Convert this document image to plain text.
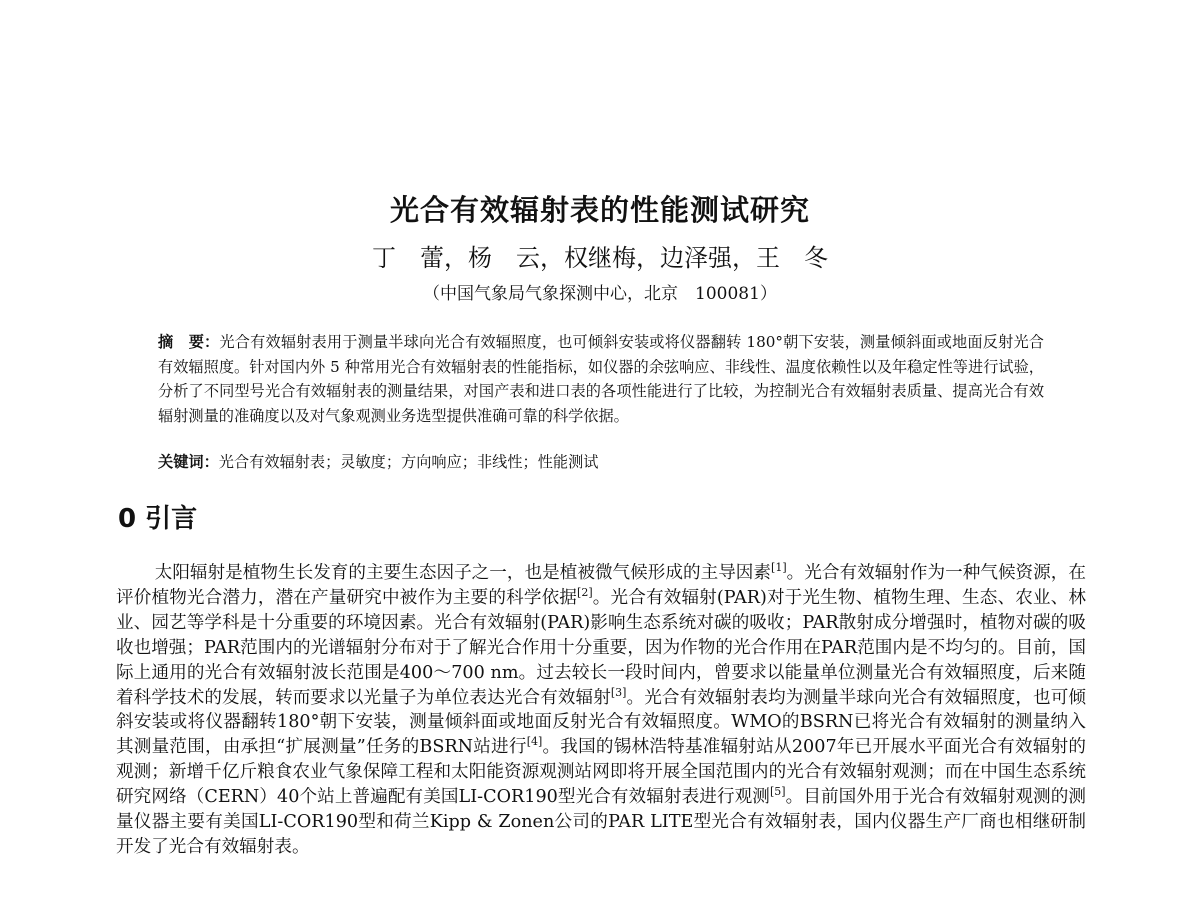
光合有效辐射表的性能测试研究
丁　蕾，杨　云，权继梅，边泽强，王　冬
（中国气象局气象探测中心，北京　100081）
摘　要：光合有效辐射表用于测量半球向光合有效辐照度，也可倾斜安装或将仪器翻转 180°朝下安装，测量倾斜面或地面反射光合有效辐照度。针对国内外 5 种常用光合有效辐射表的性能指标，如仪器的余弦响应、非线性、温度依赖性以及年稳定性等进行试验，分析了不同型号光合有效辐射表的测量结果，对国产表和进口表的各项性能进行了比较，为控制光合有效辐射表质量、提高光合有效辐射测量的准确度以及对气象观测业务选型提供准确可靠的科学依据。
关键词：光合有效辐射表；灵敏度；方向响应；非线性；性能测试
0 引言

太阳辐射是植物生长发育的主要生态因子之一，也是植被微气候形成的主导因素[1]。光合有效辐射作为一种气候资源，在评价植物光合潜力，潜在产量研究中被作为主要的科学依据[2]。光合有效辐射(PAR)对于光生物、植物生理、生态、农业、林业、园艺等学科是十分重要的环境因素。光合有效辐射(PAR)影响生态系统对碳的吸收；PAR散射成分增强时，植物对碳的吸收也增强；PAR范围内的光谱辐射分布对于了解光合作用十分重要，因为作物的光合作用在PAR范围内是不均匀的。目前，国际上通用的光合有效辐射波长范围是400～700 nm。过去较长一段时间内，曾要求以能量单位测量光合有效辐照度，后来随着科学技术的发展，转而要求以光量子为单位表达光合有效辐射[3]。光合有效辐射表均为测量半球向光合有效辐照度，也可倾斜安装或将仪器翻转180°朝下安装，测量倾斜面或地面反射光合有效辐照度。WMO的BSRN已将光合有效辐射的测量纳入其测量范围，由承担“扩展测量”任务的BSRN站进行[4]。我国的锡林浩特基准辐射站从2007年已开展水平面光合有效辐射的观测；新增千亿斤粮食农业气象保障工程和太阳能资源观测站网即将开展全国范围内的光合有效辐射观测；而在中国生态系统研究网络（CERN）40个站上普遍配有美国LI-COR190型光合有效辐射表进行观测[5]。目前国外用于光合有效辐射观测的测量仪器主要有美国LI-COR190型和荷兰Kipp & Zonen公司的PAR LITE型光合有效辐射表，国内仪器生产厂商也相继研制开发了光合有效辐射表。
